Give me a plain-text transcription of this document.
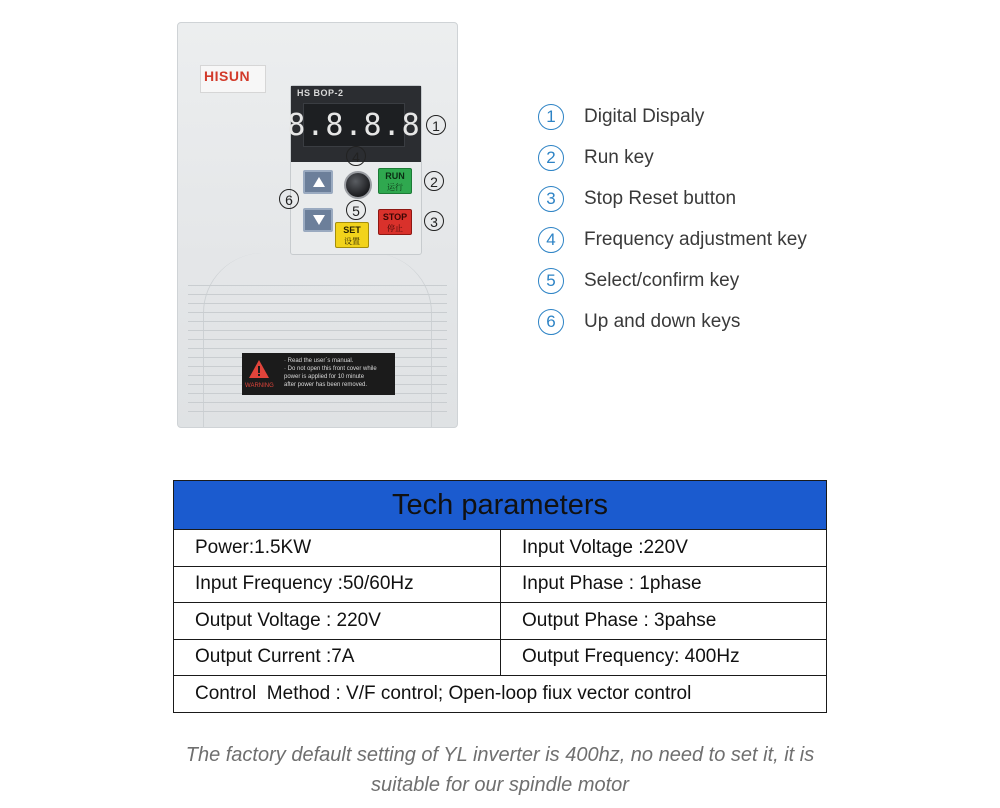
HISUN
HS BOP-2
8.8.8.8
RUN
运行
STOP
停止
SET
设置
1
2
3
4
5
6
WARNING
· Read the user`s manual.
· Do not open this front cover while
power is applied for 10 minute
after power has been removed.
1	Digital Dispaly
2	Run key
3	Stop Reset button
4	Frequency adjustment key
5	Select/confirm key
6	Up and down keys
Tech parameters	
Power:1.5KW	Input Voltage :220V
Input Frequency :50/60Hz	Input Phase : 1phase
Output Voltage : 220V	Output Phase : 3pahse
Output Current :7A	Output Frequency: 400Hz
Control  Method : V/F control; Open-loop fiux vector control	
The factory default setting of YL inverter is 400hz, no need to set it, it is
suitable for our spindle motor
